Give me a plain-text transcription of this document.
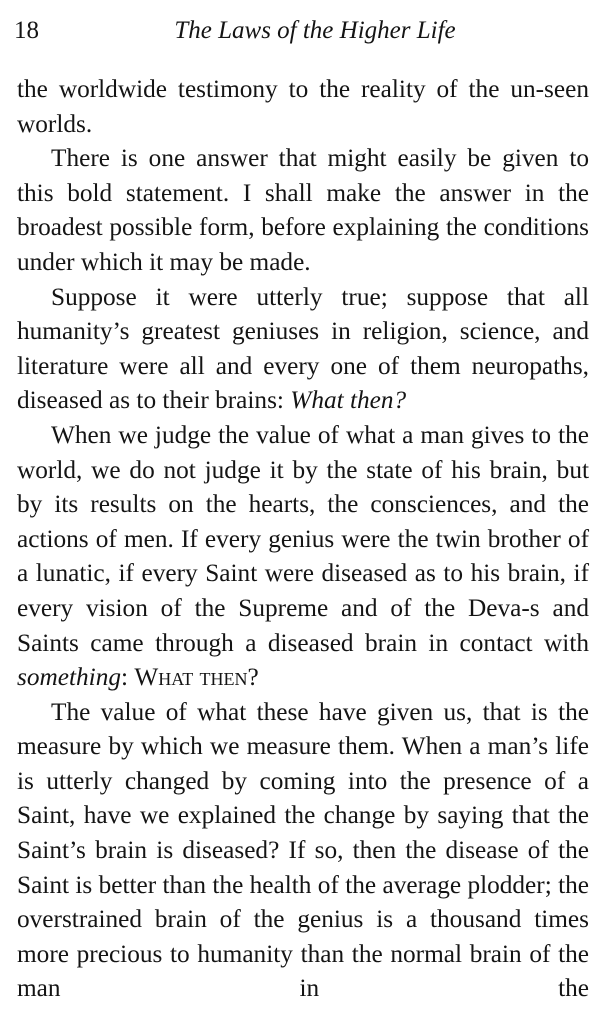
18	The Laws of the Higher Life

the worldwide testimony to the reality of the un-seen worlds.

There is one answer that might easily be given to this bold statement. I shall make the answer in the broadest possible form, before explaining the conditions under which it may be made.

Suppose it were utterly true; suppose that all humanity’s greatest geniuses in religion, science, and literature were all and every one of them neuropaths, diseased as to their brains: What then?

When we judge the value of what a man gives to the world, we do not judge it by the state of his brain, but by its results on the hearts, the consciences, and the actions of men. If every genius were the twin brother of a lunatic, if every Saint were diseased as to his brain, if every vision of the Supreme and of the Deva-s and Saints came through a diseased brain in contact with something: What then?

The value of what these have given us, that is the measure by which we measure them. When a man’s life is utterly changed by coming into the presence of a Saint, have we explained the change by saying that the Saint’s brain is diseased? If so, then the disease of the Saint is better than the health of the average plodder; the overstrained brain of the genius is a thousand times more precious to humanity than the normal brain of the man in the
